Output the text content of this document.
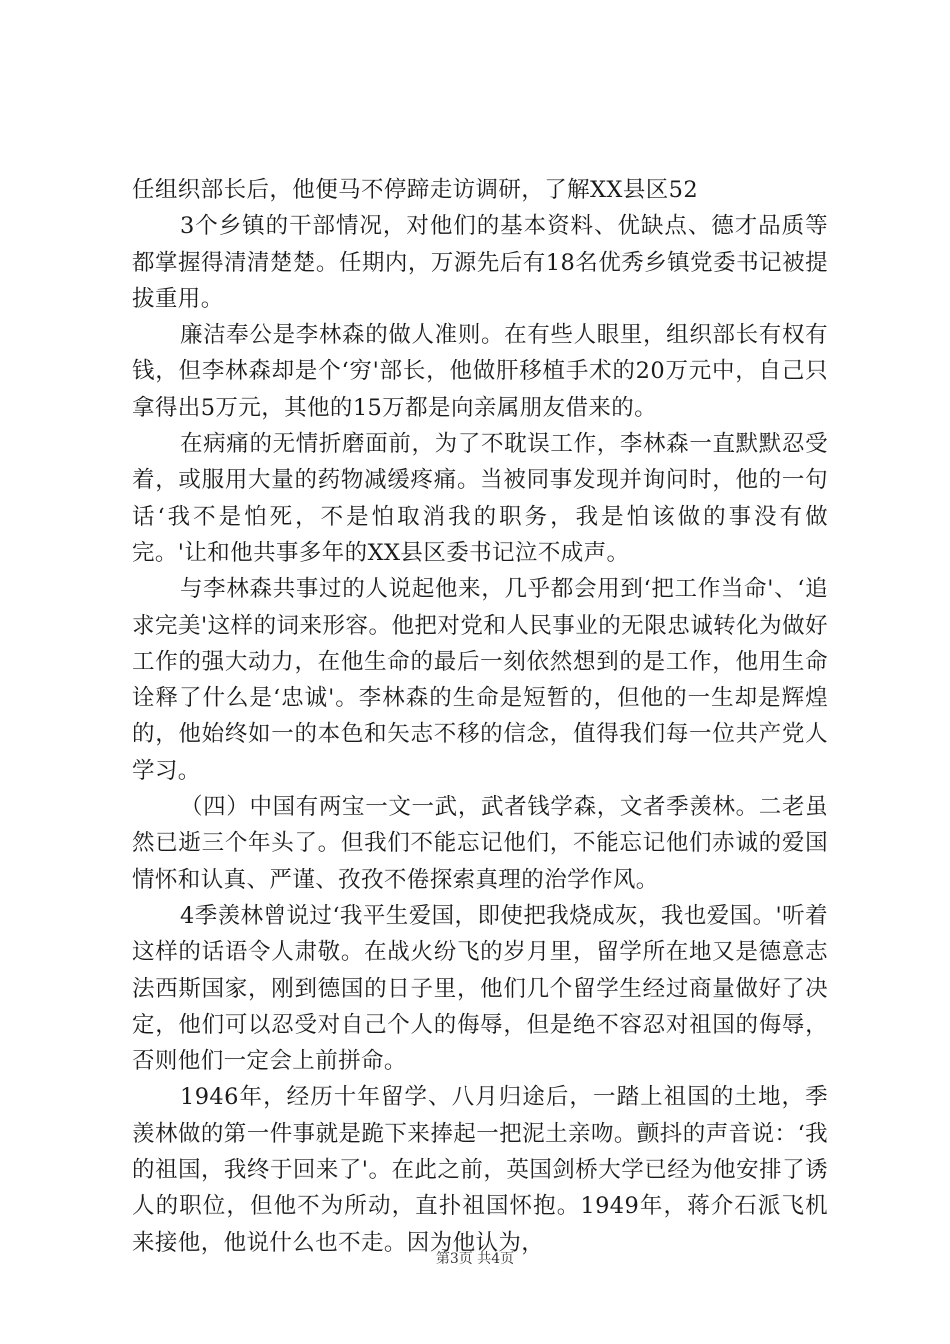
任组织部长后，他便马不停蹄走访调研，了解XX县区52

3个乡镇的干部情况，对他们的基本资料、优缺点、德才品质等都掌握得清清楚楚。任期内，万源先后有18名优秀乡镇党委书记被提拔重用。

廉洁奉公是李林森的做人准则。在有些人眼里，组织部长有权有钱，但李林森却是个‘穷'部长，他做肝移植手术的20万元中，自己只拿得出5万元，其他的15万都是向亲属朋友借来的。

在病痛的无情折磨面前，为了不耽误工作，李林森一直默默忍受着，或服用大量的药物减缓疼痛。当被同事发现并询问时，他的一句话‘我不是怕死，不是怕取消我的职务，我是怕该做的事没有做完。'让和他共事多年的XX县区委书记泣不成声。

与李林森共事过的人说起他来，几乎都会用到‘把工作当命'、‘追求完美'这样的词来形容。他把对党和人民事业的无限忠诚转化为做好工作的强大动力，在他生命的最后一刻依然想到的是工作，他用生命诠释了什么是‘忠诚'。李林森的生命是短暂的，但他的一生却是辉煌的，他始终如一的本色和矢志不移的信念，值得我们每一位共产党人学习。

（四）中国有两宝一文一武，武者钱学森，文者季羡林。二老虽然已逝三个年头了。但我们不能忘记他们，不能忘记他们赤诚的爱国情怀和认真、严谨、孜孜不倦探索真理的治学作风。

4季羡林曾说过‘我平生爱国，即使把我烧成灰，我也爱国。'听着这样的话语令人肃敬。在战火纷飞的岁月里，留学所在地又是德意志法西斯国家，刚到德国的日子里，他们几个留学生经过商量做好了决定，他们可以忍受对自己个人的侮辱，但是绝不容忍对祖国的侮辱，否则他们一定会上前拼命。

1946年，经历十年留学、八月归途后，一踏上祖国的土地，季羡林做的第一件事就是跪下来捧起一把泥土亲吻。颤抖的声音说：‘我的祖国，我终于回来了'。在此之前，英国剑桥大学已经为他安排了诱人的职位，但他不为所动，直扑祖国怀抱。1949年，蒋介石派飞机来接他，他说什么也不走。因为他认为，

第3页 共4页
